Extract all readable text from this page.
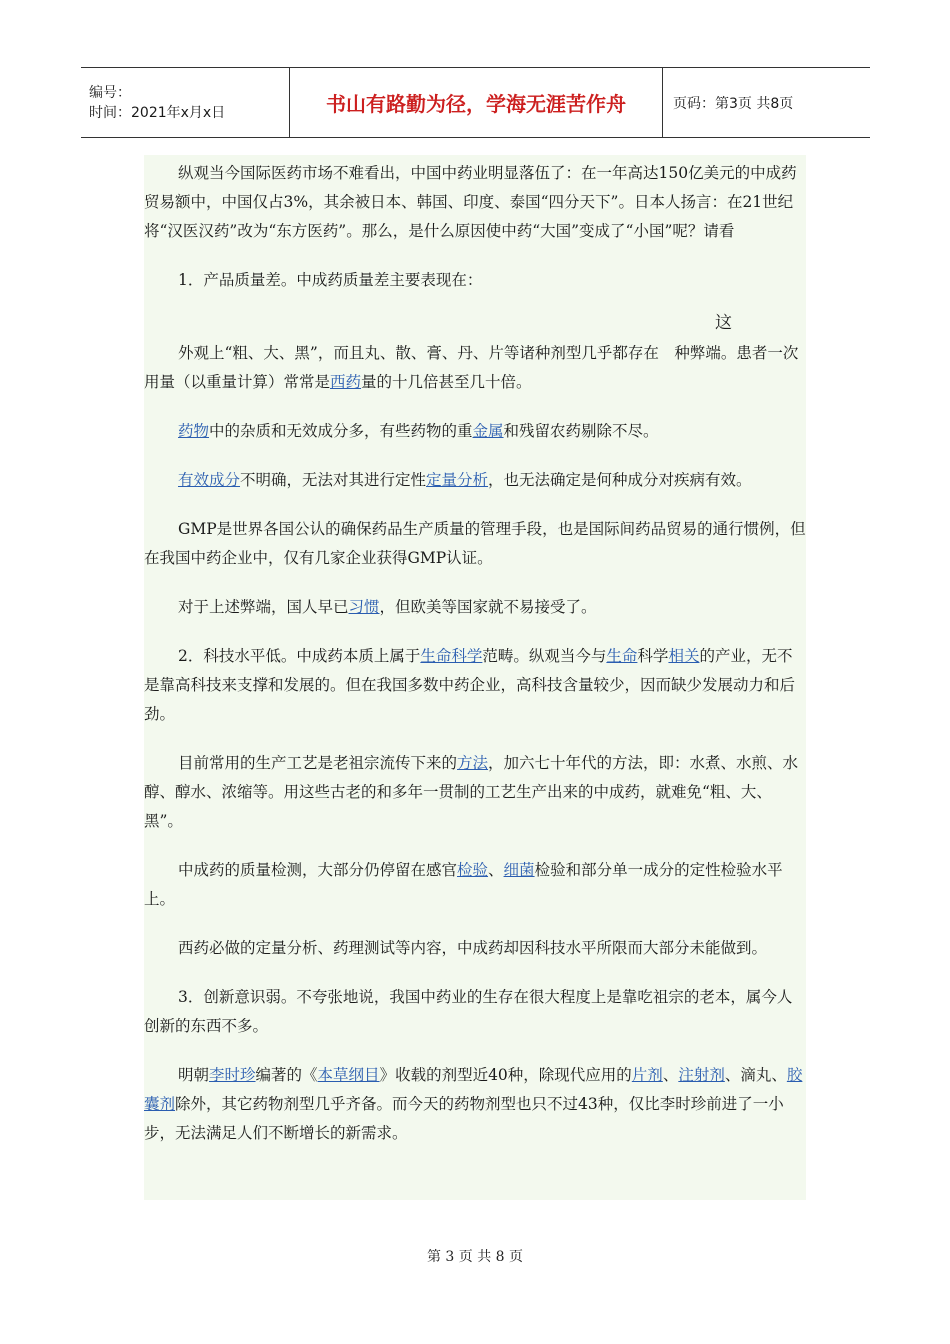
编号：
时间：2021年x月x日	书山有路勤为径，学海无涯苦作舟	页码：第3页 共8页

纵观当今国际医药市场不难看出，中国中药业明显落伍了：在一年高达150亿美元的中成药贸易额中，中国仅占3%，其余被日本、韩国、印度、泰国“四分天下”。日本人扬言：在21世纪将“汉医汉药”改为“东方医药”。那么，是什么原因使中药“大国”变成了“小国”呢？请看

1．产品质量差。中成药质量差主要表现在：

这

外观上“粗、大、黑”，而且丸、散、膏、丹、片等诸种剂型几乎都存在　种弊端。患者一次用量（以重量计算）常常是西药量的十几倍甚至几十倍。

药物中的杂质和无效成分多，有些药物的重金属和残留农药剔除不尽。

有效成分不明确，无法对其进行定性定量分析，也无法确定是何种成分对疾病有效。

GMP是世界各国公认的确保药品生产质量的管理手段，也是国际间药品贸易的通行惯例，但在我国中药企业中，仅有几家企业获得GMP认证。

对于上述弊端，国人早已习惯，但欧美等国家就不易接受了。

2．科技水平低。中成药本质上属于生命科学范畴。纵观当今与生命科学相关的产业，无不是靠高科技来支撑和发展的。但在我国多数中药企业，高科技含量较少，因而缺少发展动力和后劲。

目前常用的生产工艺是老祖宗流传下来的方法，加六七十年代的方法，即：水煮、水煎、水醇、醇水、浓缩等。用这些古老的和多年一贯制的工艺生产出来的中成药，就难免“粗、大、黑”。

中成药的质量检测，大部分仍停留在感官检验、细菌检验和部分单一成分的定性检验水平上。

西药必做的定量分析、药理测试等内容，中成药却因科技水平所限而大部分未能做到。

3．创新意识弱。不夸张地说，我国中药业的生存在很大程度上是靠吃祖宗的老本，属今人创新的东西不多。

明朝李时珍编著的《本草纲目》收载的剂型近40种，除现代应用的片剂、注射剂、滴丸、胶囊剂除外，其它药物剂型几乎齐备。而今天的药物剂型也只不过43种，仅比李时珍前进了一小步，无法满足人们不断增长的新需求。

第 3 页 共 8 页
